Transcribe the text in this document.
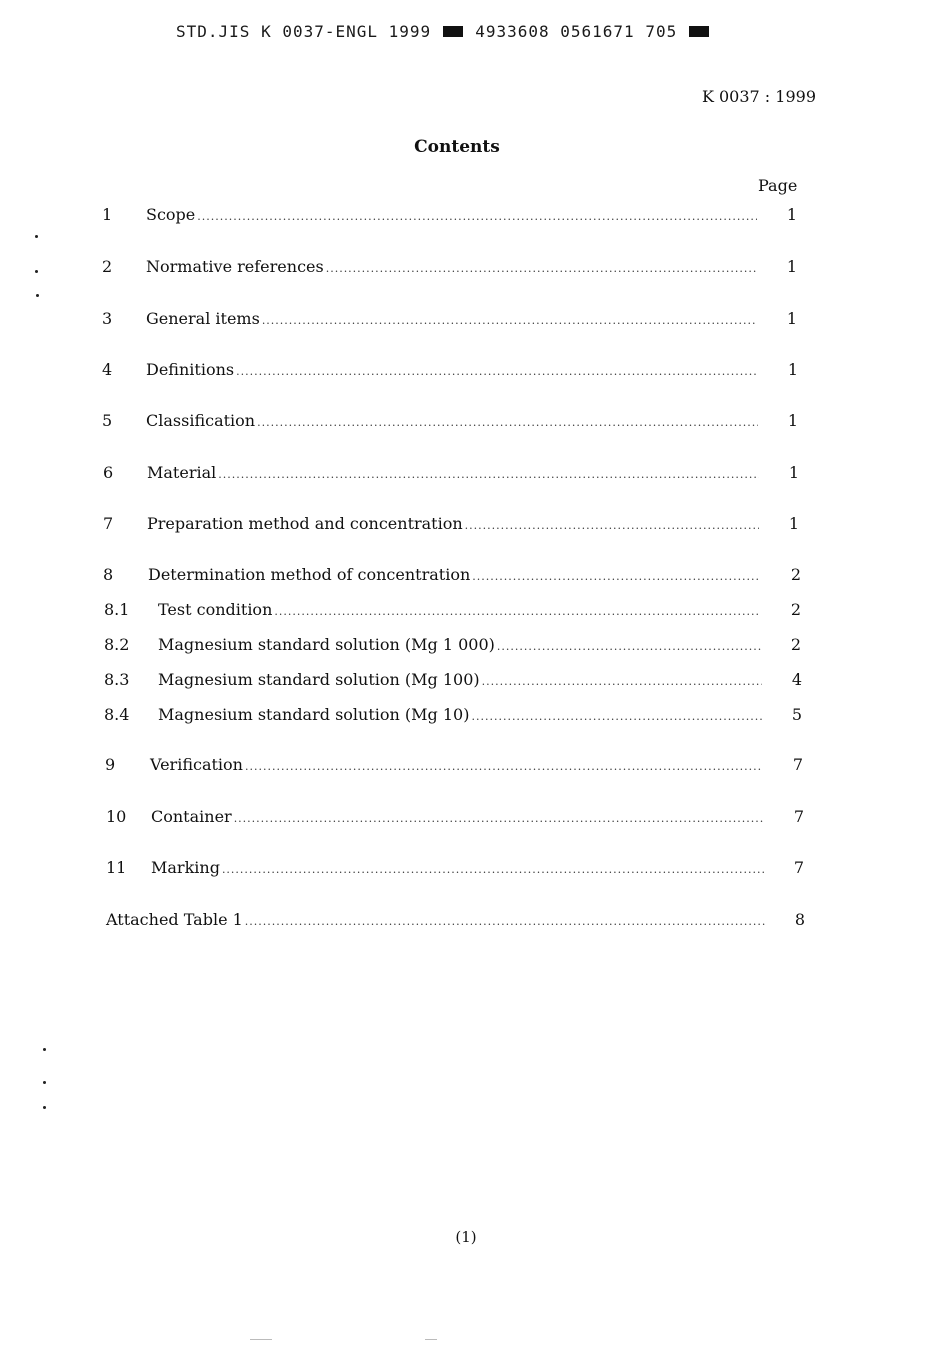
STD.JIS K 0037-ENGL 1999	4933608 0561671 705
K 0037 : 1999
Contents
Page
1	Scope .....	1
2	Normative references .....	1
3	General items .....	1
4	Definitions .....	1
5	Classification .....	1
6	Material .....	1
7	Preparation method and concentration .....	1
8	Determination method of concentration .....	2
8.1	Test condition .....	2
8.2	Magnesium standard solution (Mg 1 000) .....	2
8.3	Magnesium standard solution (Mg 100) .....	4
8.4	Magnesium standard solution (Mg 10) .....	5
9	Verification .....	7
10	Container .....	7
11	Marking .....	7
Attached Table 1 .....	8
(1)
